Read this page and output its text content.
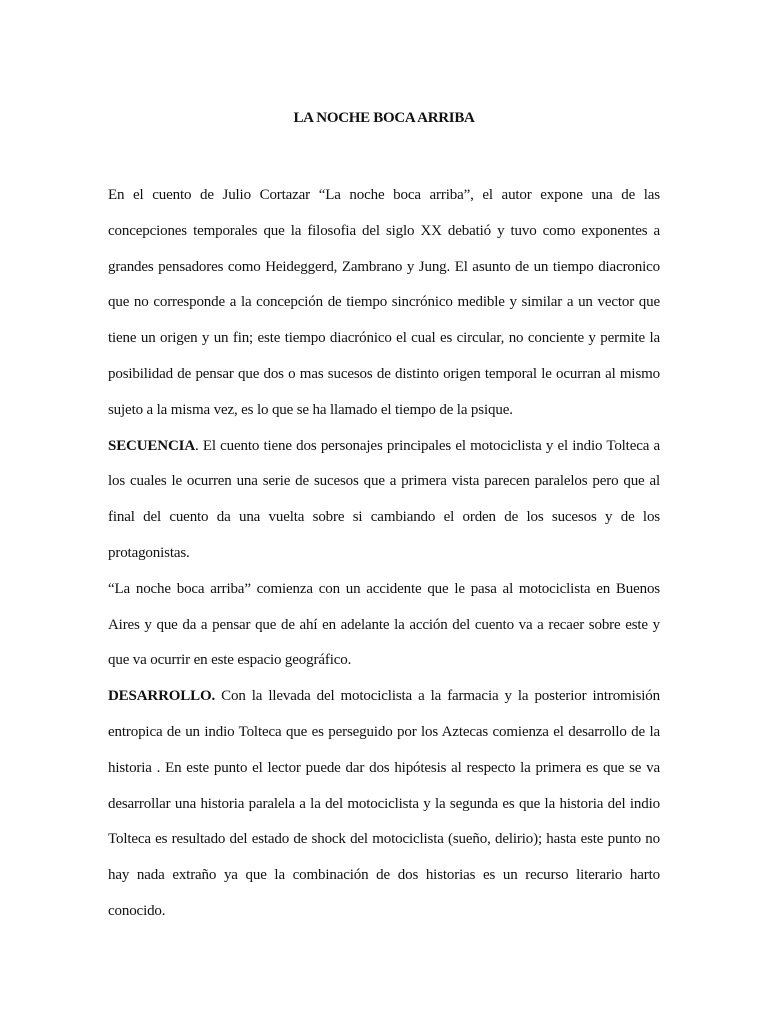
LA NOCHE BOCA ARRIBA

En el cuento de Julio Cortazar “La noche boca arriba”, el autor expone una de las concepciones temporales que la filosofia del siglo XX debatió y tuvo como exponentes a grandes pensadores como Heideggerd, Zambrano y Jung. El asunto de un tiempo diacronico que no corresponde a la concepción de tiempo sincrónico medible y similar a un vector que tiene un origen y un fin; este tiempo diacrónico el cual es circular, no conciente y permite la posibilidad de pensar que dos o mas sucesos de distinto origen temporal le ocurran al mismo sujeto a la misma vez, es lo que se ha llamado el tiempo de la psique.

SECUENCIA. El cuento tiene dos personajes principales el motociclista y el indio Tolteca a los cuales le ocurren una serie de sucesos que a primera vista parecen paralelos pero que al final del cuento da una vuelta sobre si cambiando el orden de los sucesos y de los protagonistas.

“La noche boca arriba” comienza con un accidente que le pasa al motociclista en Buenos Aires y que da a pensar que de ahí en adelante la acción del cuento va a recaer sobre este y que va ocurrir en este espacio geográfico.

DESARROLLO. Con la llevada del motociclista a la farmacia y la posterior intromisión entropica de un indio Tolteca que es perseguido por los Aztecas comienza el desarrollo de la historia . En este punto el lector puede dar dos hipótesis al respecto la primera es que se va desarrollar una historia paralela a la del motociclista y la segunda es que la historia del indio Tolteca es resultado del estado de shock del motociclista (sueño, delirio); hasta este punto no hay nada extraño ya que la combinación de dos historias es un recurso literario harto conocido.
